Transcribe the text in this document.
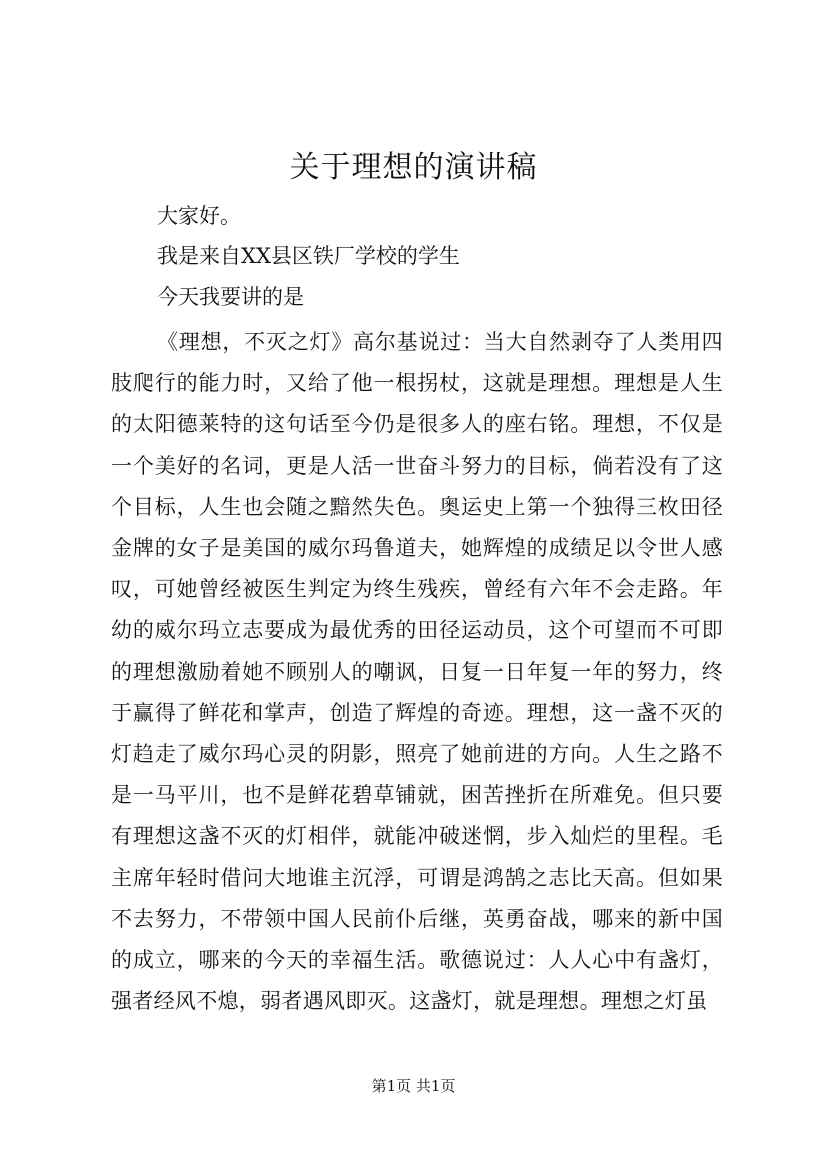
关于理想的演讲稿

大家好。

我是来自XX县区铁厂学校的学生

今天我要讲的是

《理想，不灭之灯》高尔基说过：当大自然剥夺了人类用四肢爬行的能力时，又给了他一根拐杖，这就是理想。理想是人生的太阳德莱特的这句话至今仍是很多人的座右铭。理想，不仅是一个美好的名词，更是人活一世奋斗努力的目标，倘若没有了这个目标，人生也会随之黯然失色。奥运史上第一个独得三枚田径金牌的女子是美国的威尔玛鲁道夫，她辉煌的成绩足以令世人感叹，可她曾经被医生判定为终生残疾，曾经有六年不会走路。年幼的威尔玛立志要成为最优秀的田径运动员，这个可望而不可即的理想激励着她不顾别人的嘲讽，日复一日年复一年的努力，终于赢得了鲜花和掌声，创造了辉煌的奇迹。理想，这一盏不灭的灯趋走了威尔玛心灵的阴影，照亮了她前进的方向。人生之路不是一马平川，也不是鲜花碧草铺就，困苦挫折在所难免。但只要有理想这盏不灭的灯相伴，就能冲破迷惘，步入灿烂的里程。毛主席年轻时借问大地谁主沉浮，可谓是鸿鹄之志比天高。但如果不去努力，不带领中国人民前仆后继，英勇奋战，哪来的新中国的成立，哪来的今天的幸福生活。歌德说过：人人心中有盏灯，强者经风不熄，弱者遇风即灭。这盏灯，就是理想。理想之灯虽

第1页 共1页
